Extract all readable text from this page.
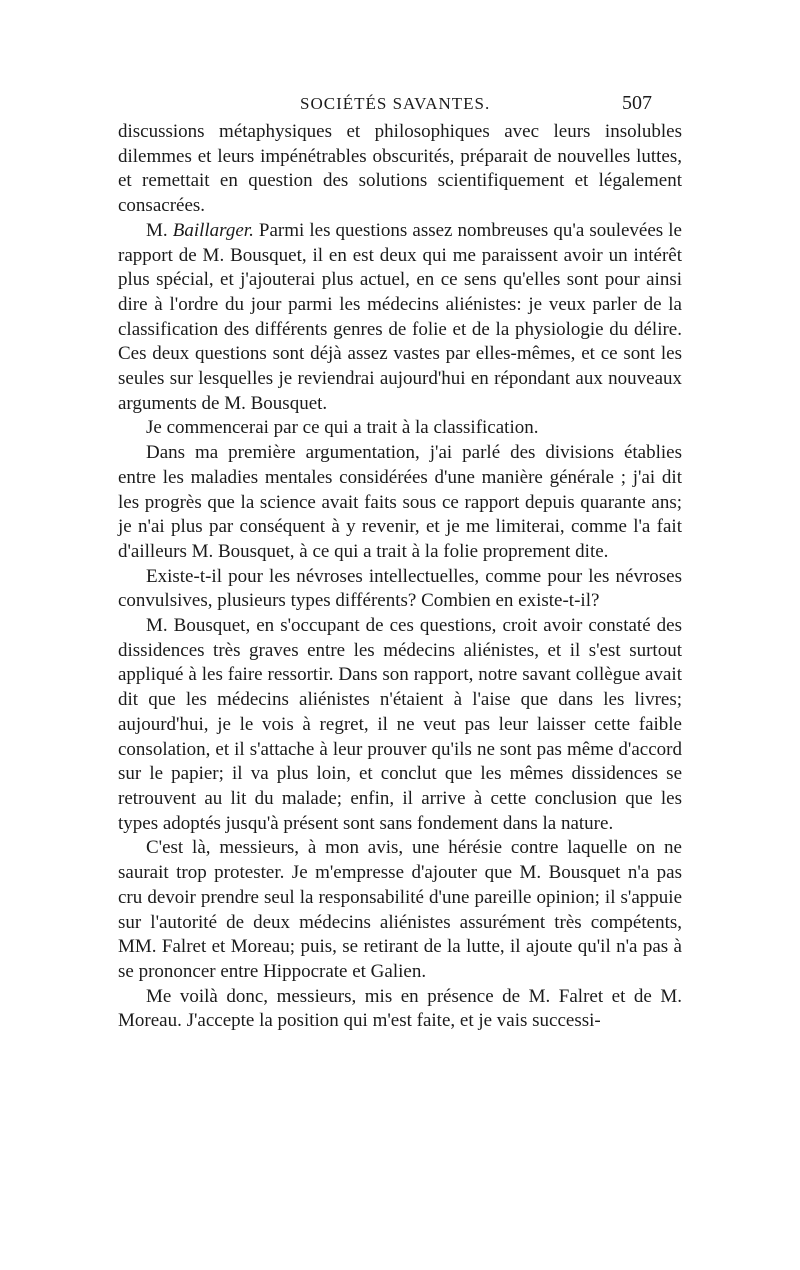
SOCIÉTÉS SAVANTES.	507

discussions métaphysiques et philosophiques avec leurs insolubles dilemmes et leurs impénétrables obscurités, préparait de nouvelles luttes, et remettait en question des solutions scientifiquement et légalement consacrées.

M. Baillarger. Parmi les questions assez nombreuses qu'a soulevées le rapport de M. Bousquet, il en est deux qui me paraissent avoir un intérêt plus spécial, et j'ajouterai plus actuel, en ce sens qu'elles sont pour ainsi dire à l'ordre du jour parmi les médecins aliénistes: je veux parler de la classification des différents genres de folie et de la physiologie du délire. Ces deux questions sont déjà assez vastes par elles-mêmes, et ce sont les seules sur lesquelles je reviendrai aujourd'hui en répondant aux nouveaux arguments de M. Bousquet.

Je commencerai par ce qui a trait à la classification.

Dans ma première argumentation, j'ai parlé des divisions établies entre les maladies mentales considérées d'une manière générale ; j'ai dit les progrès que la science avait faits sous ce rapport depuis quarante ans; je n'ai plus par conséquent à y revenir, et je me limiterai, comme l'a fait d'ailleurs M. Bousquet, à ce qui a trait à la folie proprement dite.

Existe-t-il pour les névroses intellectuelles, comme pour les névroses convulsives, plusieurs types différents? Combien en existe-t-il?

M. Bousquet, en s'occupant de ces questions, croit avoir constaté des dissidences très graves entre les médecins aliénistes, et il s'est surtout appliqué à les faire ressortir. Dans son rapport, notre savant collègue avait dit que les médecins aliénistes n'étaient à l'aise que dans les livres; aujourd'hui, je le vois à regret, il ne veut pas leur laisser cette faible consolation, et il s'attache à leur prouver qu'ils ne sont pas même d'accord sur le papier; il va plus loin, et conclut que les mêmes dissidences se retrouvent au lit du malade; enfin, il arrive à cette conclusion que les types adoptés jusqu'à présent sont sans fondement dans la nature.

C'est là, messieurs, à mon avis, une hérésie contre laquelle on ne saurait trop protester. Je m'empresse d'ajouter que M. Bousquet n'a pas cru devoir prendre seul la responsabilité d'une pareille opinion; il s'appuie sur l'autorité de deux médecins aliénistes assurément très compétents, MM. Falret et Moreau; puis, se retirant de la lutte, il ajoute qu'il n'a pas à se prononcer entre Hippocrate et Galien.

Me voilà donc, messieurs, mis en présence de M. Falret et de M. Moreau. J'accepte la position qui m'est faite, et je vais successi-
